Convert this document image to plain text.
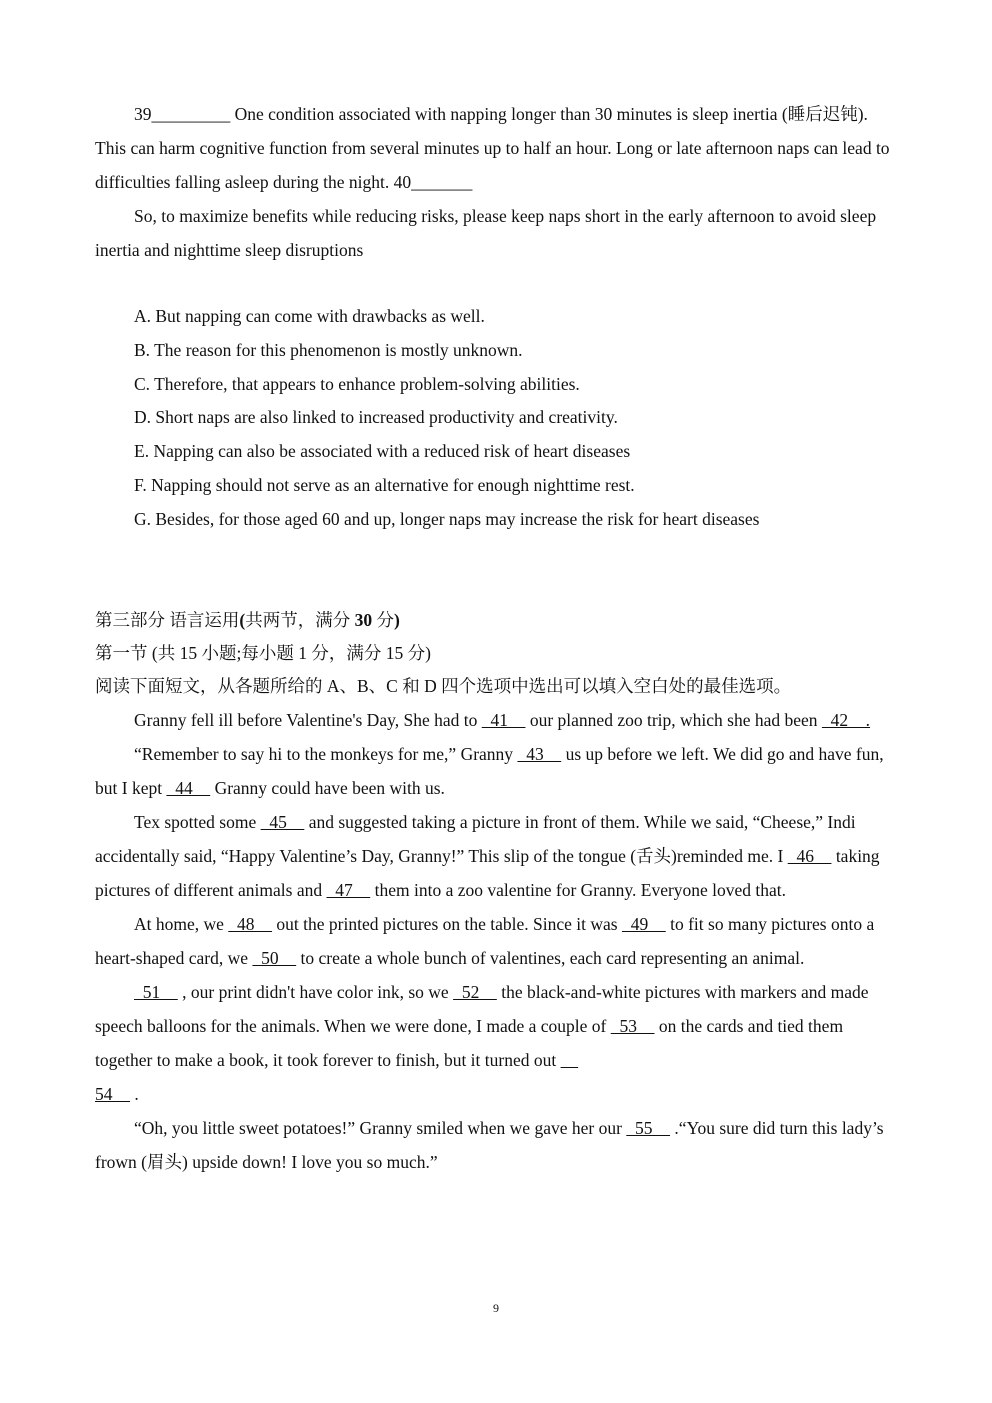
39_________ One condition associated with napping longer than 30 minutes is sleep inertia (睡后迟钝). This can harm cognitive function from several minutes up to half an hour. Long or late afternoon naps can lead to difficulties falling asleep during the night. 40_______

So, to maximize benefits while reducing risks, please keep naps short in the early afternoon to avoid sleep inertia and nighttime sleep disruptions

A. But napping can come with drawbacks as well.
B. The reason for this phenomenon is mostly unknown.
C. Therefore, that appears to enhance problem-solving abilities.
D. Short naps are also linked to increased productivity and creativity.
E. Napping can also be associated with a reduced risk of heart diseases
F. Napping should not serve as an alternative for enough nighttime rest.
G. Besides, for those aged 60 and up, longer naps may increase the risk for heart diseases
第三部分 语言运用(共两节，满分 30 分)
第一节 (共 15 小题;每小题 1 分，满分 15 分)
阅读下面短文，从各题所给的 A、B、C 和 D 四个选项中选出可以填入空白处的最佳选项。

Granny fell ill before Valentine's Day, She had to   41     our planned zoo trip, which she had been   42    .

“Remember to say hi to the monkeys for me,” Granny   43     us up before we left. We did go and have fun, but I kept   44     Granny could have been with us.

Tex spotted some   45     and suggested taking a picture in front of them. While we said, “Cheese,” Indi accidentally said, “Happy Valentine’s Day, Granny!” This slip of the tongue (舌头)reminded me. I   46     taking pictures of different animals and   47     them into a zoo valentine for Granny. Everyone loved that.

At home, we   48     out the printed pictures on the table. Since it was   49     to fit so many pictures onto a heart-shaped card, we   50     to create a whole bunch of valentines, each card representing an animal.

51     , our print didn't have color ink, so we   52     the black-and-white pictures with markers and made speech balloons for the animals. When we were done, I made a couple of   53     on the cards and tied them together to make a book, it took forever to finish, but it turned out
54     .

“Oh, you little sweet potatoes!” Granny smiled when we gave her our   55     .“You sure did turn this lady’s frown (眉头) upside down! I love you so much.”

9
